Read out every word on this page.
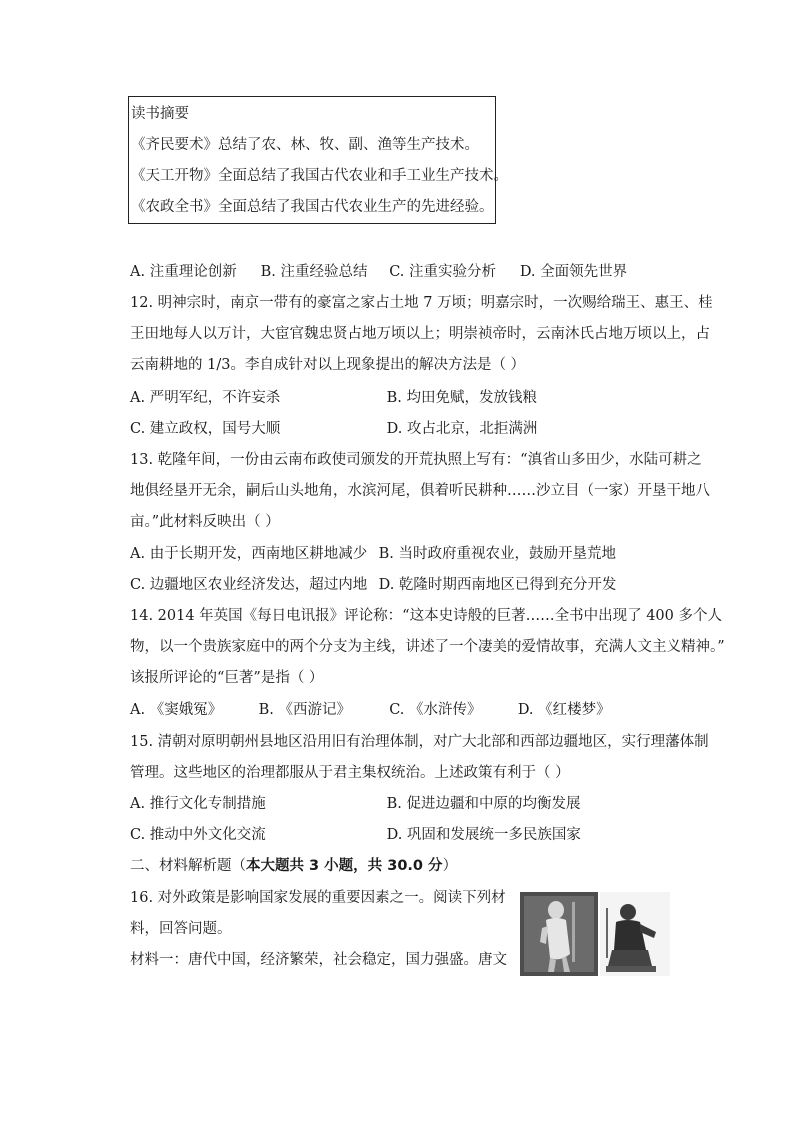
读书摘要
《齐民要术》总结了农、林、牧、副、渔等生产技术。
《天工开物》全面总结了我国古代农业和手工业生产技术。
《农政全书》全面总结了我国古代农业生产的先进经验。
A. 注重理论创新 B. 注重经验总结 C. 注重实验分析 D. 全面领先世界
12. 明神宗时，南京一带有的豪富之家占土地 7 万顷；明嘉宗时，一次赐给瑞王、惠王、桂
王田地每人以万计，大宦官魏忠贤占地万顷以上；明崇祯帝时，云南沐氏占地万顷以上，占
云南耕地的 1/3。李自成针对以上现象提出的解决方法是（ ）
A. 严明军纪，不许妄杀	B. 均田免赋，发放钱粮
C. 建立政权，国号大顺	D. 攻占北京，北拒满洲
13. 乾隆年间，一份由云南布政使司颁发的开荒执照上写有：“滇省山多田少，水陆可耕之
地俱经垦开无余，嗣后山头地角，水滨河尾，俱着听民耕种……沙立目（一家）开垦干地八
亩。”此材料反映出（ ）
A. 由于长期开发，西南地区耕地减少 B. 当时政府重视农业，鼓励开垦荒地
C. 边疆地区农业经济发达，超过内地 D. 乾隆时期西南地区已得到充分开发
14. 2014 年英国《每日电讯报》评论称：“这本史诗般的巨著……全书中出现了 400 多个人
物，以一个贵族家庭中的两个分支为主线，讲述了一个凄美的爱情故事，充满人文主义精神。”
该报所评论的“巨著”是指（ ）
A. 《窦娥冤》	B. 《西游记》	C. 《水浒传》	D. 《红楼梦》
15. 清朝对原明朝州县地区沿用旧有治理体制，对广大北部和西部边疆地区，实行理藩体制
管理。这些地区的治理都服从于君主集权统治。上述政策有利于（ ）
A. 推行文化专制措施	B. 促进边疆和中原的均衡发展
C. 推动中外文化交流	D. 巩固和发展统一多民族国家
二、材料解析题（本大题共 3 小题，共 30.0 分）
16. 对外政策是影响国家发展的重要因素之一。阅读下列材
料，回答问题。
材料一：唐代中国，经济繁荣，社会稳定，国力强盛。唐文
